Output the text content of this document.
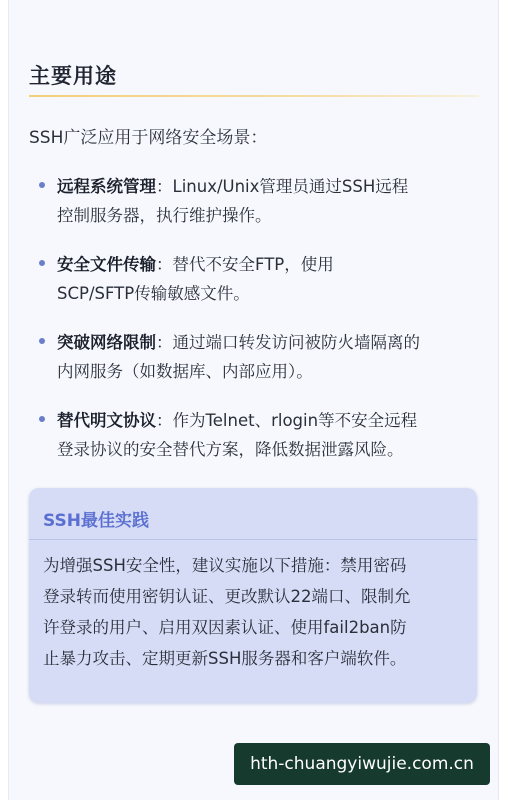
主要用途
SSH广泛应用于网络安全场景：
远程系统管理：Linux/Unix管理员通过SSH远程
控制服务器，执行维护操作。
安全文件传输：替代不安全FTP，使用
SCP/SFTP传输敏感文件。
突破网络限制：通过端口转发访问被防火墙隔离的
内网服务（如数据库、内部应用）。
替代明文协议：作为Telnet、rlogin等不安全远程
登录协议的安全替代方案，降低数据泄露风险。
SSH最佳实践
为增强SSH安全性，建议实施以下措施：禁用密码
登录转而使用密钥认证、更改默认22端口、限制允
许登录的用户、启用双因素认证、使用fail2ban防
止暴力攻击、定期更新SSH服务器和客户端软件。
hth-chuangyiwujie.com.cn
